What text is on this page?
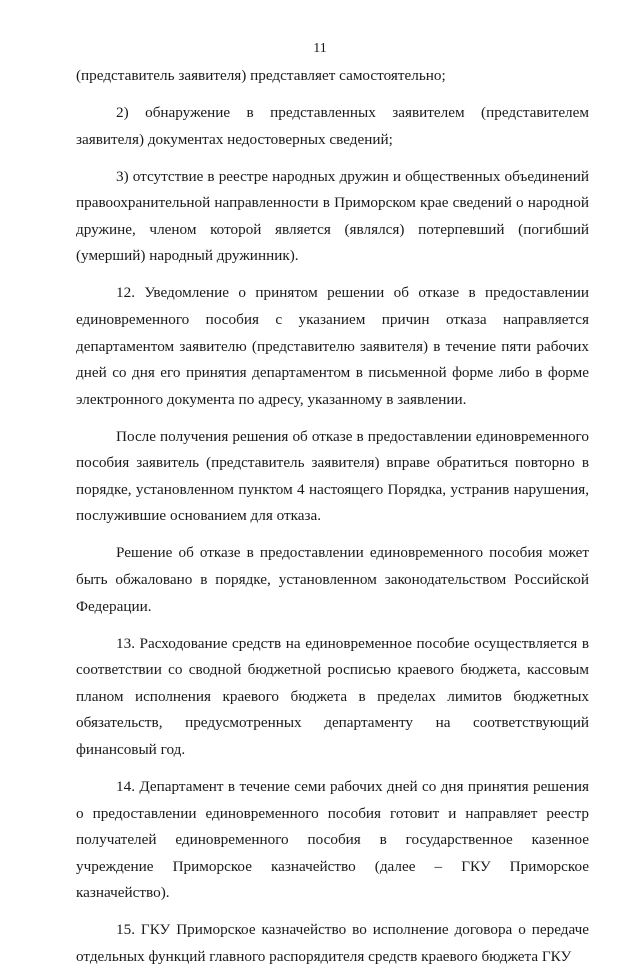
11

(представитель заявителя) представляет самостоятельно;

2) обнаружение в представленных заявителем (представителем заявителя) документах недостоверных сведений;

3) отсутствие в реестре народных дружин и общественных объединений правоохранительной направленности в Приморском крае сведений о народной дружине, членом которой является (являлся) потерпевший (погибший (умерший) народный дружинник).

12. Уведомление о принятом решении об отказе в предоставлении единовременного пособия с указанием причин отказа направляется департаментом заявителю (представителю заявителя) в течение пяти рабочих дней со дня его принятия департаментом в письменной форме либо в форме электронного документа по адресу, указанному в заявлении.

После получения решения об отказе в предоставлении единовременного пособия заявитель (представитель заявителя) вправе обратиться повторно в порядке, установленном пунктом 4 настоящего Порядка, устранив нарушения, послужившие основанием для отказа.

Решение об отказе в предоставлении единовременного пособия может быть обжаловано в порядке, установленном законодательством Российской Федерации.

13. Расходование средств на единовременное пособие осуществляется в соответствии со сводной бюджетной росписью краевого бюджета, кассовым планом исполнения краевого бюджета в пределах лимитов бюджетных обязательств, предусмотренных департаменту на соответствующий финансовый год.

14. Департамент в течение семи рабочих дней со дня принятия решения о предоставлении единовременного пособия готовит и направляет реестр получателей единовременного пособия в государственное казенное учреждение Приморское казначейство (далее – ГКУ Приморское казначейство).

15. ГКУ Приморское казначейство во исполнение договора о передаче отдельных функций главного распорядителя средств краевого бюджета ГКУ
